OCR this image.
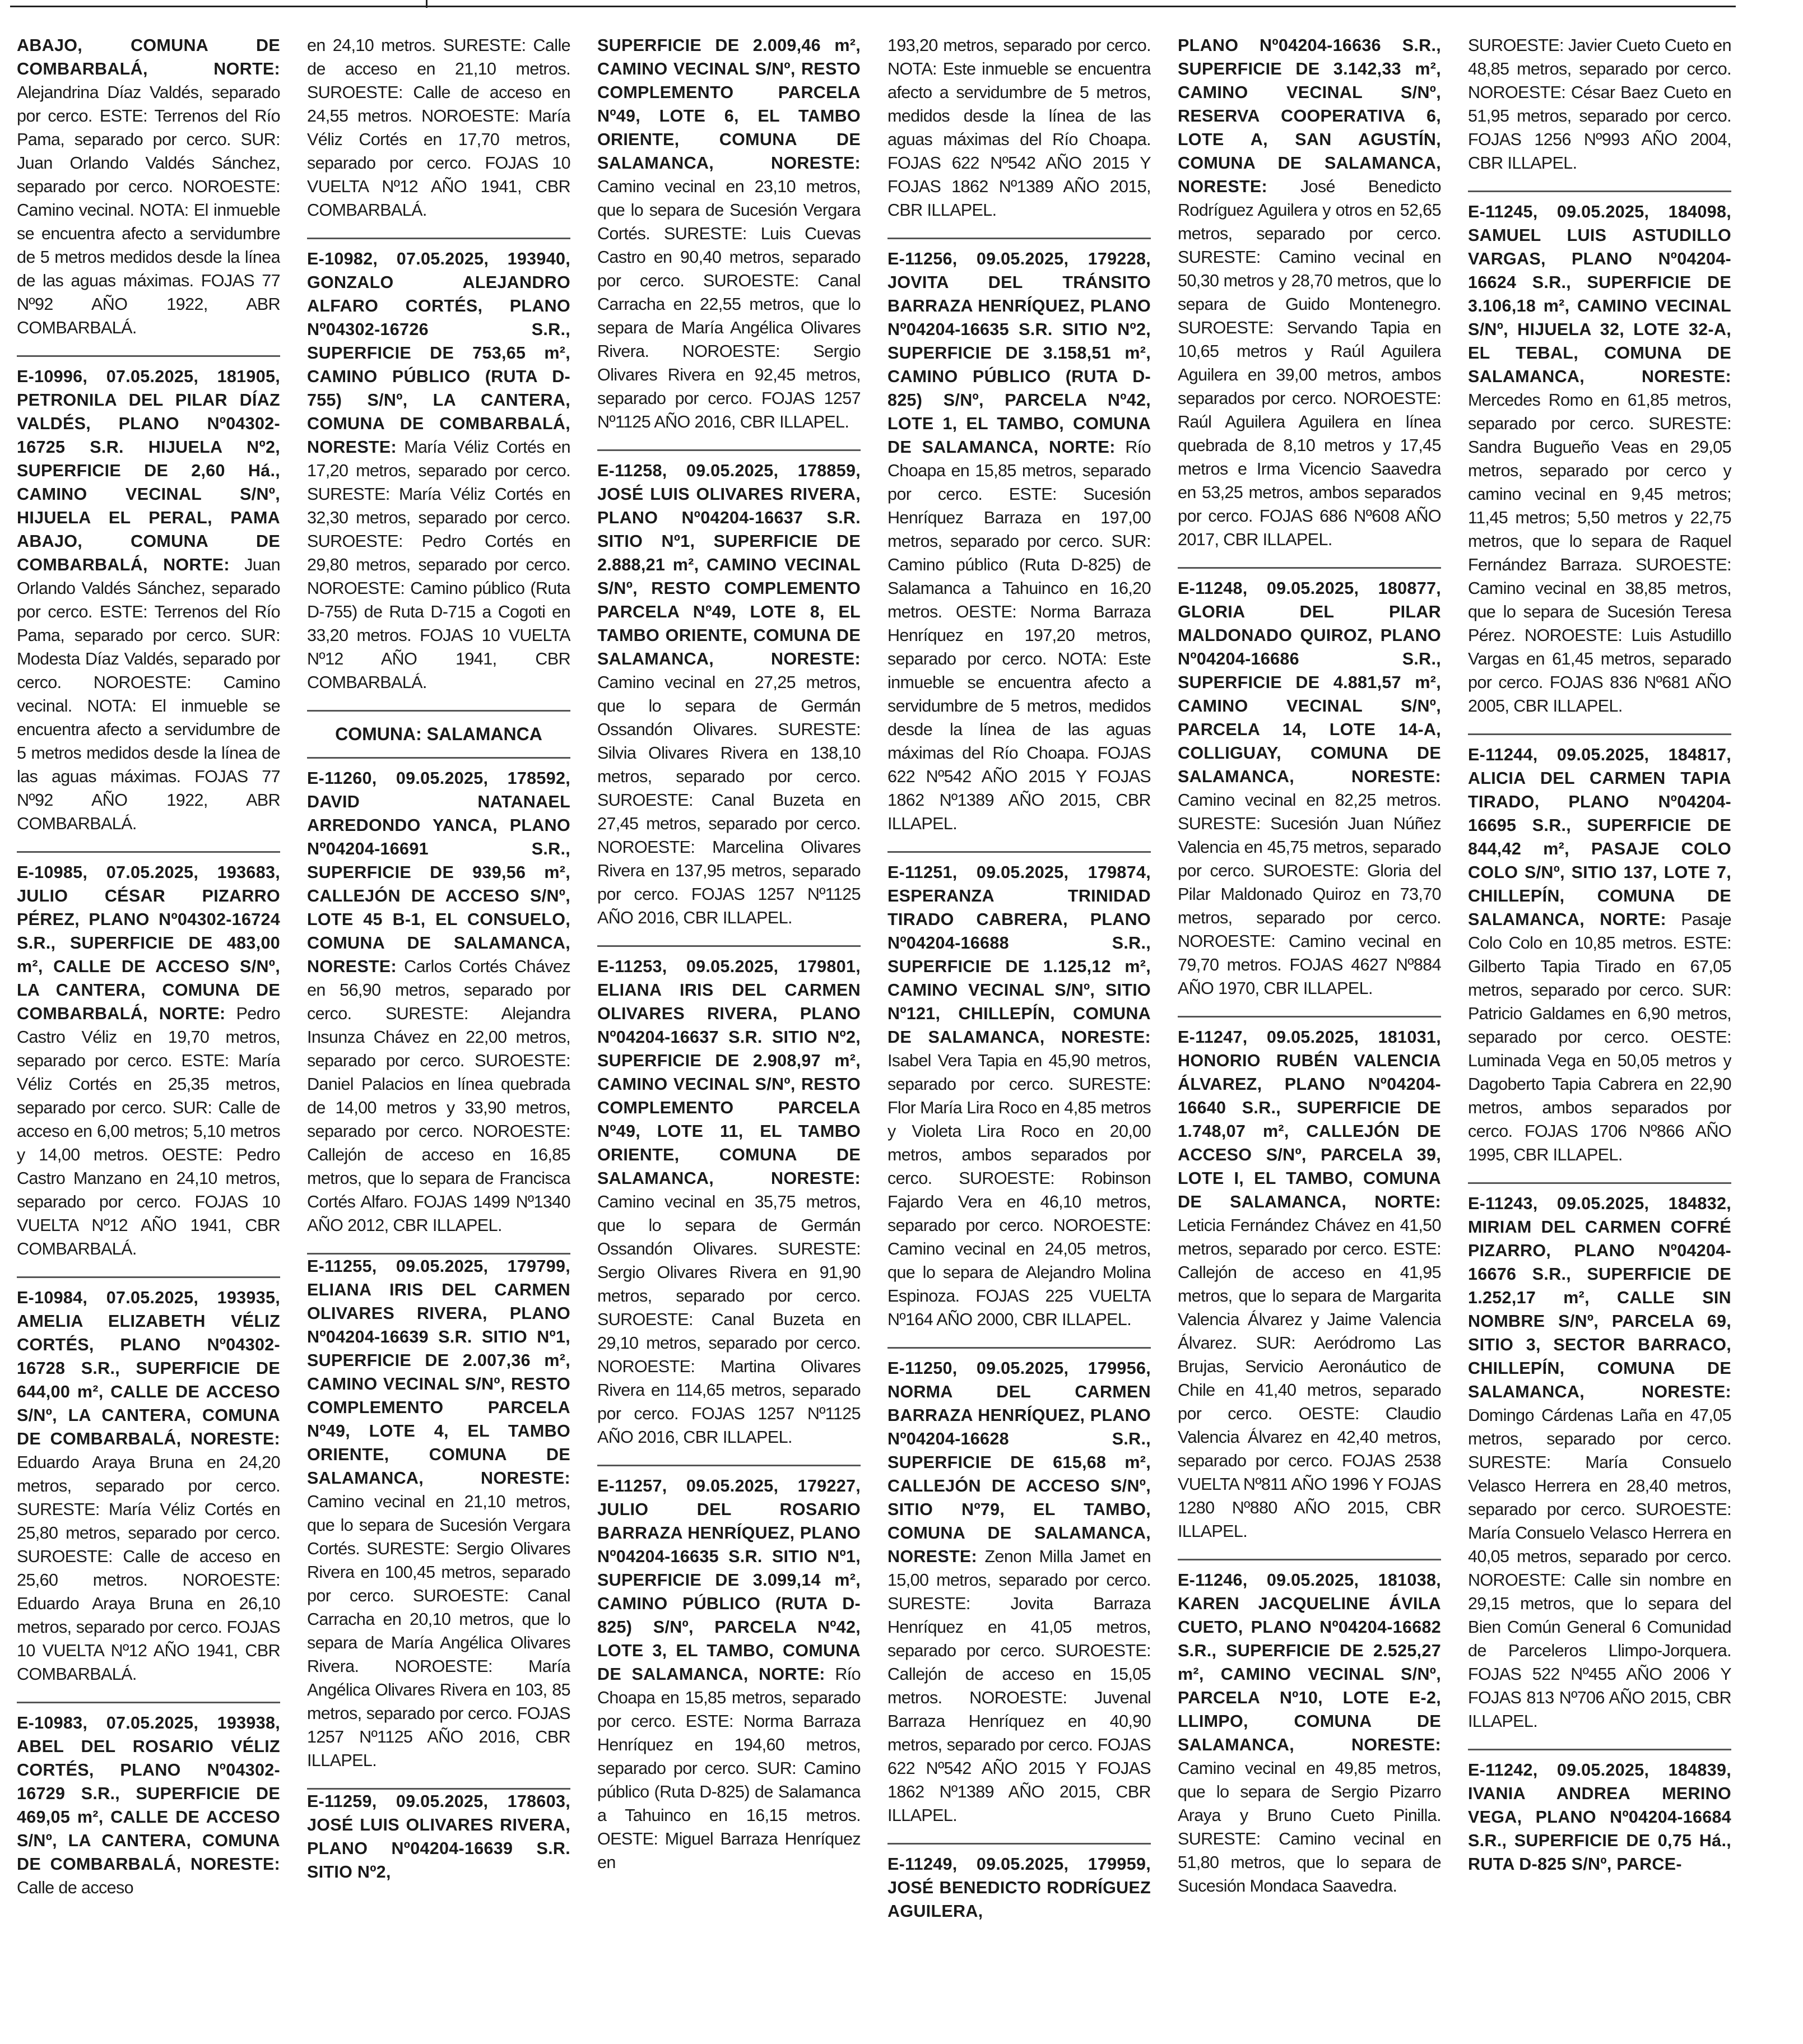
ABAJO, COMUNA DE COMBARBALÁ, NORTE: Alejandrina Díaz Valdés, separado por cerco. ESTE: Terrenos del Río Pama, separado por cerco. SUR: Juan Orlando Valdés Sánchez, separado por cerco. NOROESTE: Camino vecinal. NOTA: El inmueble se encuentra afecto a servidumbre de 5 metros medidos desde la línea de las aguas máximas. FOJAS 77 Nº92 AÑO 1922, ABR COMBARBALÁ.

E-10996, 07.05.2025, 181905, PETRONILA DEL PILAR DÍAZ VALDÉS, PLANO Nº04302-16725 S.R. HIJUELA Nº2, SUPERFICIE DE 2,60 Há., CAMINO VECINAL S/Nº, HIJUELA EL PERAL, PAMA ABAJO, COMUNA DE COMBARBALÁ, NORTE: Juan Orlando Valdés Sánchez, separado por cerco. ESTE: Terrenos del Río Pama, separado por cerco. SUR: Modesta Díaz Valdés, separado por cerco. NOROESTE: Camino vecinal. NOTA: El inmueble se encuentra afecto a servidumbre de 5 metros medidos desde la línea de las aguas máximas. FOJAS 77 Nº92 AÑO 1922, ABR COMBARBALÁ.

E-10985, 07.05.2025, 193683, JULIO CÉSAR PIZARRO PÉREZ, PLANO Nº04302-16724 S.R., SUPERFICIE DE 483,00 m², CALLE DE ACCESO S/Nº, LA CANTERA, COMUNA DE COMBARBALÁ, NORTE: Pedro Castro Véliz en 19,70 metros, separado por cerco. ESTE: María Véliz Cortés en 25,35 metros, separado por cerco. SUR: Calle de acceso en 6,00 metros; 5,10 metros y 14,00 metros. OESTE: Pedro Castro Manzano en 24,10 metros, separado por cerco. FOJAS 10 VUELTA Nº12 AÑO 1941, CBR COMBARBALÁ.

E-10984, 07.05.2025, 193935, AMELIA ELIZABETH VÉLIZ CORTÉS, PLANO Nº04302-16728 S.R., SUPERFICIE DE 644,00 m², CALLE DE ACCESO S/Nº, LA CANTERA, COMUNA DE COMBARBALÁ, NORESTE: Eduardo Araya Bruna en 24,20 metros, separado por cerco. SURESTE: María Véliz Cortés en 25,80 metros, separado por cerco. SUROESTE: Calle de acceso en 25,60 metros. NOROESTE: Eduardo Araya Bruna en 26,10 metros, separado por cerco. FOJAS 10 VUELTA Nº12 AÑO 1941, CBR COMBARBALÁ.

E-10983, 07.05.2025, 193938, ABEL DEL ROSARIO VÉLIZ CORTÉS, PLANO Nº04302-16729 S.R., SUPERFICIE DE 469,05 m², CALLE DE ACCESO S/Nº, LA CANTERA, COMUNA DE COMBARBALÁ, NORESTE: Calle de acceso

en 24,10 metros. SURESTE: Calle de acceso en 21,10 metros. SUROESTE: Calle de acceso en 24,55 metros. NOROESTE: María Véliz Cortés en 17,70 metros, separado por cerco. FOJAS 10 VUELTA Nº12 AÑO 1941, CBR COMBARBALÁ.

E-10982, 07.05.2025, 193940, GONZALO ALEJANDRO ALFARO CORTÉS, PLANO Nº04302-16726 S.R., SUPERFICIE DE 753,65 m², CAMINO PÚBLICO (RUTA D-755) S/Nº, LA CANTERA, COMUNA DE COMBARBALÁ, NORESTE: María Véliz Cortés en 17,20 metros, separado por cerco. SURESTE: María Véliz Cortés en 32,30 metros, separado por cerco. SUROESTE: Pedro Cortés en 29,80 metros, separado por cerco. NOROESTE: Camino público (Ruta D-755) de Ruta D-715 a Cogoti en 33,20 metros. FOJAS 10 VUELTA Nº12 AÑO 1941, CBR COMBARBALÁ.

COMUNA: SALAMANCA

E-11260, 09.05.2025, 178592, DAVID NATANAEL ARREDONDO YANCA, PLANO Nº04204-16691 S.R., SUPERFICIE DE 939,56 m², CALLEJÓN DE ACCESO S/Nº, LOTE 45 B-1, EL CONSUELO, COMUNA DE SALAMANCA, NORESTE: Carlos Cortés Chávez en 56,90 metros, separado por cerco. SURESTE: Alejandra Insunza Chávez en 22,00 metros, separado por cerco. SUROESTE: Daniel Palacios en línea quebrada de 14,00 metros y 33,90 metros, separado por cerco. NOROESTE: Callejón de acceso en 16,85 metros, que lo separa de Francisca Cortés Alfaro. FOJAS 1499 Nº1340 AÑO 2012, CBR ILLAPEL.

E-11255, 09.05.2025, 179799, ELIANA IRIS DEL CARMEN OLIVARES RIVERA, PLANO Nº04204-16639 S.R. SITIO Nº1, SUPERFICIE DE 2.007,36 m², CAMINO VECINAL S/Nº, RESTO COMPLEMENTO PARCELA Nº49, LOTE 4, EL TAMBO ORIENTE, COMUNA DE SALAMANCA, NORESTE: Camino vecinal en 21,10 metros, que lo separa de Sucesión Vergara Cortés. SURESTE: Sergio Olivares Rivera en 100,45 metros, separado por cerco. SUROESTE: Canal Carracha en 20,10 metros, que lo separa de María Angélica Olivares Rivera. NOROESTE: María Angélica Olivares Rivera en 103, 85 metros, separado por cerco. FOJAS 1257 Nº1125 AÑO 2016, CBR ILLAPEL.

E-11259, 09.05.2025, 178603, JOSÉ LUIS OLIVARES RIVERA, PLANO Nº04204-16639 S.R. SITIO Nº2,

SUPERFICIE DE 2.009,46 m², CAMINO VECINAL S/Nº, RESTO COMPLEMENTO PARCELA Nº49, LOTE 6, EL TAMBO ORIENTE, COMUNA DE SALAMANCA, NORESTE: Camino vecinal en 23,10 metros, que lo separa de Sucesión Vergara Cortés. SURESTE: Luis Cuevas Castro en 90,40 metros, separado por cerco. SUROESTE: Canal Carracha en 22,55 metros, que lo separa de María Angélica Olivares Rivera. NOROESTE: Sergio Olivares Rivera en 92,45 metros, separado por cerco. FOJAS 1257 Nº1125 AÑO 2016, CBR ILLAPEL.

E-11258, 09.05.2025, 178859, JOSÉ LUIS OLIVARES RIVERA, PLANO Nº04204-16637 S.R. SITIO Nº1, SUPERFICIE DE 2.888,21 m², CAMINO VECINAL S/Nº, RESTO COMPLEMENTO PARCELA Nº49, LOTE 8, EL TAMBO ORIENTE, COMUNA DE SALAMANCA, NORESTE: Camino vecinal en 27,25 metros, que lo separa de Germán Ossandón Olivares. SURESTE: Silvia Olivares Rivera en 138,10 metros, separado por cerco. SUROESTE: Canal Buzeta en 27,45 metros, separado por cerco. NOROESTE: Marcelina Olivares Rivera en 137,95 metros, separado por cerco. FOJAS 1257 Nº1125 AÑO 2016, CBR ILLAPEL.

E-11253, 09.05.2025, 179801, ELIANA IRIS DEL CARMEN OLIVARES RIVERA, PLANO Nº04204-16637 S.R. SITIO Nº2, SUPERFICIE DE 2.908,97 m², CAMINO VECINAL S/Nº, RESTO COMPLEMENTO PARCELA Nº49, LOTE 11, EL TAMBO ORIENTE, COMUNA DE SALAMANCA, NORESTE: Camino vecinal en 35,75 metros, que lo separa de Germán Ossandón Olivares. SURESTE: Sergio Olivares Rivera en 91,90 metros, separado por cerco. SUROESTE: Canal Buzeta en 29,10 metros, separado por cerco. NOROESTE: Martina Olivares Rivera en 114,65 metros, separado por cerco. FOJAS 1257 Nº1125 AÑO 2016, CBR ILLAPEL.

E-11257, 09.05.2025, 179227, JULIO DEL ROSARIO BARRAZA HENRÍQUEZ, PLANO Nº04204-16635 S.R. SITIO Nº1, SUPERFICIE DE 3.099,14 m², CAMINO PÚBLICO (RUTA D-825) S/Nº, PARCELA Nº42, LOTE 3, EL TAMBO, COMUNA DE SALAMANCA, NORTE: Río Choapa en 15,85 metros, separado por cerco. ESTE: Norma Barraza Henríquez en 194,60 metros, separado por cerco. SUR: Camino público (Ruta D-825) de Salamanca a Tahuinco en 16,15 metros. OESTE: Miguel Barraza Henríquez en

193,20 metros, separado por cerco. NOTA: Este inmueble se encuentra afecto a servidumbre de 5 metros, medidos desde la línea de las aguas máximas del Río Choapa. FOJAS 622 Nº542 AÑO 2015 Y FOJAS 1862 Nº1389 AÑO 2015, CBR ILLAPEL.

E-11256, 09.05.2025, 179228, JOVITA DEL TRÁNSITO BARRAZA HENRÍQUEZ, PLANO Nº04204-16635 S.R. SITIO Nº2, SUPERFICIE DE 3.158,51 m², CAMINO PÚBLICO (RUTA D-825) S/Nº, PARCELA Nº42, LOTE 1, EL TAMBO, COMUNA DE SALAMANCA, NORTE: Río Choapa en 15,85 metros, separado por cerco. ESTE: Sucesión Henríquez Barraza en 197,00 metros, separado por cerco. SUR: Camino público (Ruta D-825) de Salamanca a Tahuinco en 16,20 metros. OESTE: Norma Barraza Henríquez en 197,20 metros, separado por cerco. NOTA: Este inmueble se encuentra afecto a servidumbre de 5 metros, medidos desde la línea de las aguas máximas del Río Choapa. FOJAS 622 Nº542 AÑO 2015 Y FOJAS 1862 Nº1389 AÑO 2015, CBR ILLAPEL.

E-11251, 09.05.2025, 179874, ESPERANZA TRINIDAD TIRADO CABRERA, PLANO Nº04204-16688 S.R., SUPERFICIE DE 1.125,12 m², CAMINO VECINAL S/Nº, SITIO Nº121, CHILLEPÍN, COMUNA DE SALAMANCA, NORESTE: Isabel Vera Tapia en 45,90 metros, separado por cerco. SURESTE: Flor María Lira Roco en 4,85 metros y Violeta Lira Roco en 20,00 metros, ambos separados por cerco. SUROESTE: Robinson Fajardo Vera en 46,10 metros, separado por cerco. NOROESTE: Camino vecinal en 24,05 metros, que lo separa de Alejandro Molina Espinoza. FOJAS 225 VUELTA Nº164 AÑO 2000, CBR ILLAPEL.

E-11250, 09.05.2025, 179956, NORMA DEL CARMEN BARRAZA HENRÍQUEZ, PLANO Nº04204-16628 S.R., SUPERFICIE DE 615,68 m², CALLEJÓN DE ACCESO S/Nº, SITIO Nº79, EL TAMBO, COMUNA DE SALAMANCA, NORESTE: Zenon Milla Jamet en 15,00 metros, separado por cerco. SURESTE: Jovita Barraza Henríquez en 41,05 metros, separado por cerco. SUROESTE: Callejón de acceso en 15,05 metros. NOROESTE: Juvenal Barraza Henríquez en 40,90 metros, separado por cerco. FOJAS 622 Nº542 AÑO 2015 Y FOJAS 1862 Nº1389 AÑO 2015, CBR ILLAPEL.

E-11249, 09.05.2025, 179959, JOSÉ BENEDICTO RODRÍGUEZ AGUILERA,

PLANO Nº04204-16636 S.R., SUPERFICIE DE 3.142,33 m², CAMINO VECINAL S/Nº, RESERVA COOPERATIVA 6, LOTE A, SAN AGUSTÍN, COMUNA DE SALAMANCA, NORESTE: José Benedicto Rodríguez Aguilera y otros en 52,65 metros, separado por cerco. SURESTE: Camino vecinal en 50,30 metros y 28,70 metros, que lo separa de Guido Montenegro. SUROESTE: Servando Tapia en 10,65 metros y Raúl Aguilera Aguilera en 39,00 metros, ambos separados por cerco. NOROESTE: Raúl Aguilera Aguilera en línea quebrada de 8,10 metros y 17,45 metros e Irma Vicencio Saavedra en 53,25 metros, ambos separados por cerco. FOJAS 686 Nº608 AÑO 2017, CBR ILLAPEL.

E-11248, 09.05.2025, 180877, GLORIA DEL PILAR MALDONADO QUIROZ, PLANO Nº04204-16686 S.R., SUPERFICIE DE 4.881,57 m², CAMINO VECINAL S/Nº, PARCELA 14, LOTE 14-A, COLLIGUAY, COMUNA DE SALAMANCA, NORESTE: Camino vecinal en 82,25 metros. SURESTE: Sucesión Juan Núñez Valencia en 45,75 metros, separado por cerco. SUROESTE: Gloria del Pilar Maldonado Quiroz en 73,70 metros, separado por cerco. NOROESTE: Camino vecinal en 79,70 metros. FOJAS 4627 Nº884 AÑO 1970, CBR ILLAPEL.

E-11247, 09.05.2025, 181031, HONORIO RUBÉN VALENCIA ÁLVAREZ, PLANO Nº04204-16640 S.R., SUPERFICIE DE 1.748,07 m², CALLEJÓN DE ACCESO S/Nº, PARCELA 39, LOTE I, EL TAMBO, COMUNA DE SALAMANCA, NORTE: Leticia Fernández Chávez en 41,50 metros, separado por cerco. ESTE: Callejón de acceso en 41,95 metros, que lo separa de Margarita Valencia Álvarez y Jaime Valencia Álvarez. SUR: Aeródromo Las Brujas, Servicio Aeronáutico de Chile en 41,40 metros, separado por cerco. OESTE: Claudio Valencia Álvarez en 42,40 metros, separado por cerco. FOJAS 2538 VUELTA Nº811 AÑO 1996 Y FOJAS 1280 Nº880 AÑO 2015, CBR ILLAPEL.

E-11246, 09.05.2025, 181038, KAREN JACQUELINE ÁVILA CUETO, PLANO Nº04204-16682 S.R., SUPERFICIE DE 2.525,27 m², CAMINO VECINAL S/Nº, PARCELA Nº10, LOTE E-2, LLIMPO, COMUNA DE SALAMANCA, NORESTE: Camino vecinal en 49,85 metros, que lo separa de Sergio Pizarro Araya y Bruno Cueto Pinilla. SURESTE: Camino vecinal en 51,80 metros, que lo separa de Sucesión Mondaca Saavedra.

SUROESTE: Javier Cueto Cueto en 48,85 metros, separado por cerco. NOROESTE: César Baez Cueto en 51,95 metros, separado por cerco. FOJAS 1256 Nº993 AÑO 2004, CBR ILLAPEL.

E-11245, 09.05.2025, 184098, SAMUEL LUIS ASTUDILLO VARGAS, PLANO Nº04204-16624 S.R., SUPERFICIE DE 3.106,18 m², CAMINO VECINAL S/Nº, HIJUELA 32, LOTE 32-A, EL TEBAL, COMUNA DE SALAMANCA, NORESTE: Mercedes Romo en 61,85 metros, separado por cerco. SURESTE: Sandra Bugueño Veas en 29,05 metros, separado por cerco y camino vecinal en 9,45 metros; 11,45 metros; 5,50 metros y 22,75 metros, que lo separa de Raquel Fernández Barraza. SUROESTE: Camino vecinal en 38,85 metros, que lo separa de Sucesión Teresa Pérez. NOROESTE: Luis Astudillo Vargas en 61,45 metros, separado por cerco. FOJAS 836 Nº681 AÑO 2005, CBR ILLAPEL.

E-11244, 09.05.2025, 184817, ALICIA DEL CARMEN TAPIA TIRADO, PLANO Nº04204-16695 S.R., SUPERFICIE DE 844,42 m², PASAJE COLO COLO S/Nº, SITIO 137, LOTE 7, CHILLEPÍN, COMUNA DE SALAMANCA, NORTE: Pasaje Colo Colo en 10,85 metros. ESTE: Gilberto Tapia Tirado en 67,05 metros, separado por cerco. SUR: Patricio Galdames en 6,90 metros, separado por cerco. OESTE: Luminada Vega en 50,05 metros y Dagoberto Tapia Cabrera en 22,90 metros, ambos separados por cerco. FOJAS 1706 Nº866 AÑO 1995, CBR ILLAPEL.

E-11243, 09.05.2025, 184832, MIRIAM DEL CARMEN COFRÉ PIZARRO, PLANO Nº04204-16676 S.R., SUPERFICIE DE 1.252,17 m², CALLE SIN NOMBRE S/Nº, PARCELA 69, SITIO 3, SECTOR BARRACO, CHILLEPÍN, COMUNA DE SALAMANCA, NORESTE: Domingo Cárdenas Laña en 47,05 metros, separado por cerco. SURESTE: María Consuelo Velasco Herrera en 28,40 metros, separado por cerco. SUROESTE: María Consuelo Velasco Herrera en 40,05 metros, separado por cerco. NOROESTE: Calle sin nombre en 29,15 metros, que lo separa del Bien Común General 6 Comunidad de Parceleros Llimpo-Jorquera. FOJAS 522 Nº455 AÑO 2006 Y FOJAS 813 Nº706 AÑO 2015, CBR ILLAPEL.

E-11242, 09.05.2025, 184839, IVANIA ANDREA MERINO VEGA, PLANO Nº04204-16684 S.R., SUPERFICIE DE 0,75 Há., RUTA D-825 S/Nº, PARCE-
